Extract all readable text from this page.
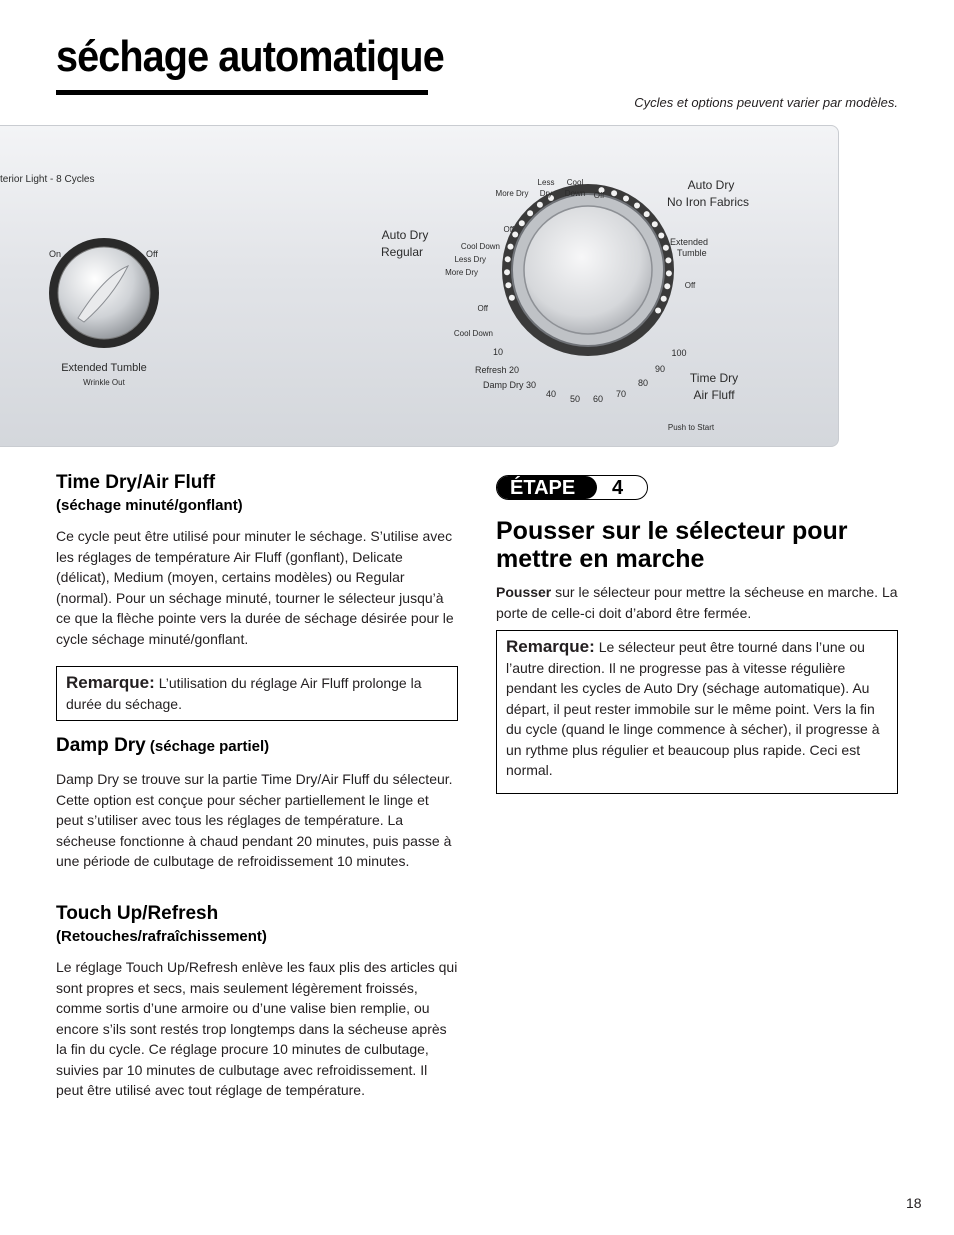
séchage automatique
Cycles et options peuvent varier par modèles.
terior Light - 8 Cycles
On	Off
Extended Tumble
Wrinkle Out
Auto Dry
Regular
Auto Dry
No Iron Fabrics
Time Dry
Air Fluff
Extended
Tumble
Less Cool
More Dry Dry Down Off
Off
Cool Down
Less Dry
More Dry
Off
Cool Down
Off
10
Refresh 20
Damp Dry 30
40 50 60 70
80
90
100
Push to Start
Time Dry/Air Fluff
(séchage minuté/gonflant)

Ce cycle peut être utilisé pour minuter le séchage. S’utilise avec les réglages de température Air Fluff (gonflant), Delicate (délicat), Medium (moyen, certains modèles) ou Regular (normal). Pour un séchage minuté, tourner le sélecteur jusqu’à ce que la flèche pointe vers la durée de séchage désirée pour le cycle séchage minuté/gonflant.

Remarque: L’utilisation du réglage Air Fluff prolonge la durée du séchage.
Damp Dry (séchage partiel)

Damp Dry se trouve sur la partie Time Dry/Air Fluff du sélecteur. Cette option est conçue pour sécher partiellement le linge et peut s’utiliser avec tous les réglages de température. La sécheuse fonctionne à chaud pendant 20 minutes, puis passe à une période de culbutage de refroidissement 10 minutes.

Touch Up/Refresh
(Retouches/rafraîchissement)

Le réglage Touch Up/Refresh enlève les faux plis des articles qui sont propres et secs, mais seulement légèrement froissés, comme sortis d’une armoire ou d’une valise bien remplie, ou encore s’ils sont restés trop longtemps dans la sécheuse après la fin du cycle. Ce réglage procure 10 minutes de culbutage, suivies par 10 minutes de culbutage avec refroidissement. Il peut être utilisé avec tout réglage de température.

ÉTAPE 4
Pousser sur le sélecteur pour mettre en marche

Pousser sur le sélecteur pour mettre la sécheuse en marche. La porte de celle-ci doit d’abord être fermée.

Remarque: Le sélecteur peut être tourné dans l’une ou l’autre direction. Il ne progresse pas à vitesse régulière pendant les cycles de Auto Dry (séchage automatique). Au départ, il peut rester immobile sur le même point. Vers la fin du cycle (quand le linge commence à sécher), il progresse à un rythme plus régulier et beaucoup plus rapide. Ceci est normal.
18
